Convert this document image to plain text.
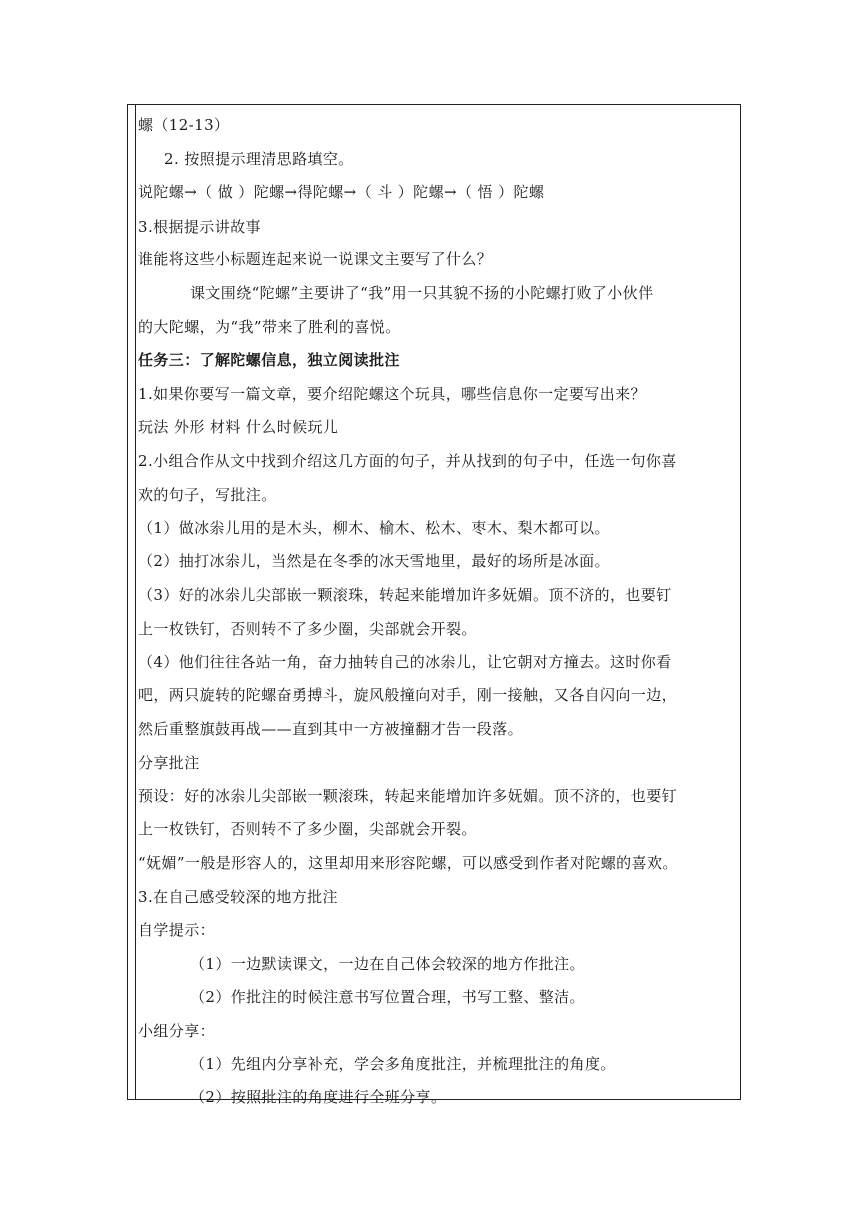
螺（12-13）
2. 按照提示理清思路填空。
说陀螺→（ 做 ）陀螺→得陀螺→（ 斗 ）陀螺→（ 悟 ）陀螺
3.根据提示讲故事
谁能将这些小标题连起来说一说课文主要写了什么？
课文围绕“陀螺”主要讲了“我”用一只其貌不扬的小陀螺打败了小伙伴
的大陀螺，为“我”带来了胜利的喜悦。
任务三：了解陀螺信息，独立阅读批注
1.如果你要写一篇文章，要介绍陀螺这个玩具，哪些信息你一定要写出来？
玩法 外形 材料 什么时候玩儿
2.小组合作从文中找到介绍这几方面的句子，并从找到的句子中，任选一句你喜
欢的句子，写批注。
（1）做冰尜儿用的是木头，柳木、榆木、松木、枣木、梨木都可以。
（2）抽打冰尜儿，当然是在冬季的冰天雪地里，最好的场所是冰面。
（3）好的冰尜儿尖部嵌一颗滚珠，转起来能增加许多妩媚。顶不济的，也要钉
上一枚铁钉，否则转不了多少圈，尖部就会开裂。
（4）他们往往各站一角，奋力抽转自己的冰尜儿，让它朝对方撞去。这时你看
吧，两只旋转的陀螺奋勇搏斗，旋风般撞向对手，刚一接触，又各自闪向一边，
然后重整旗鼓再战——直到其中一方被撞翻才告一段落。
分享批注
预设：好的冰尜儿尖部嵌一颗滚珠，转起来能增加许多妩媚。顶不济的，也要钉
上一枚铁钉，否则转不了多少圈，尖部就会开裂。
“妩媚”一般是形容人的，这里却用来形容陀螺，可以感受到作者对陀螺的喜欢。
3.在自己感受较深的地方批注
自学提示：
（1）一边默读课文，一边在自己体会较深的地方作批注。
（2）作批注的时候注意书写位置合理，书写工整、整洁。
小组分享：
（1）先组内分享补充，学会多角度批注，并梳理批注的角度。
（2）按照批注的角度进行全班分享。
